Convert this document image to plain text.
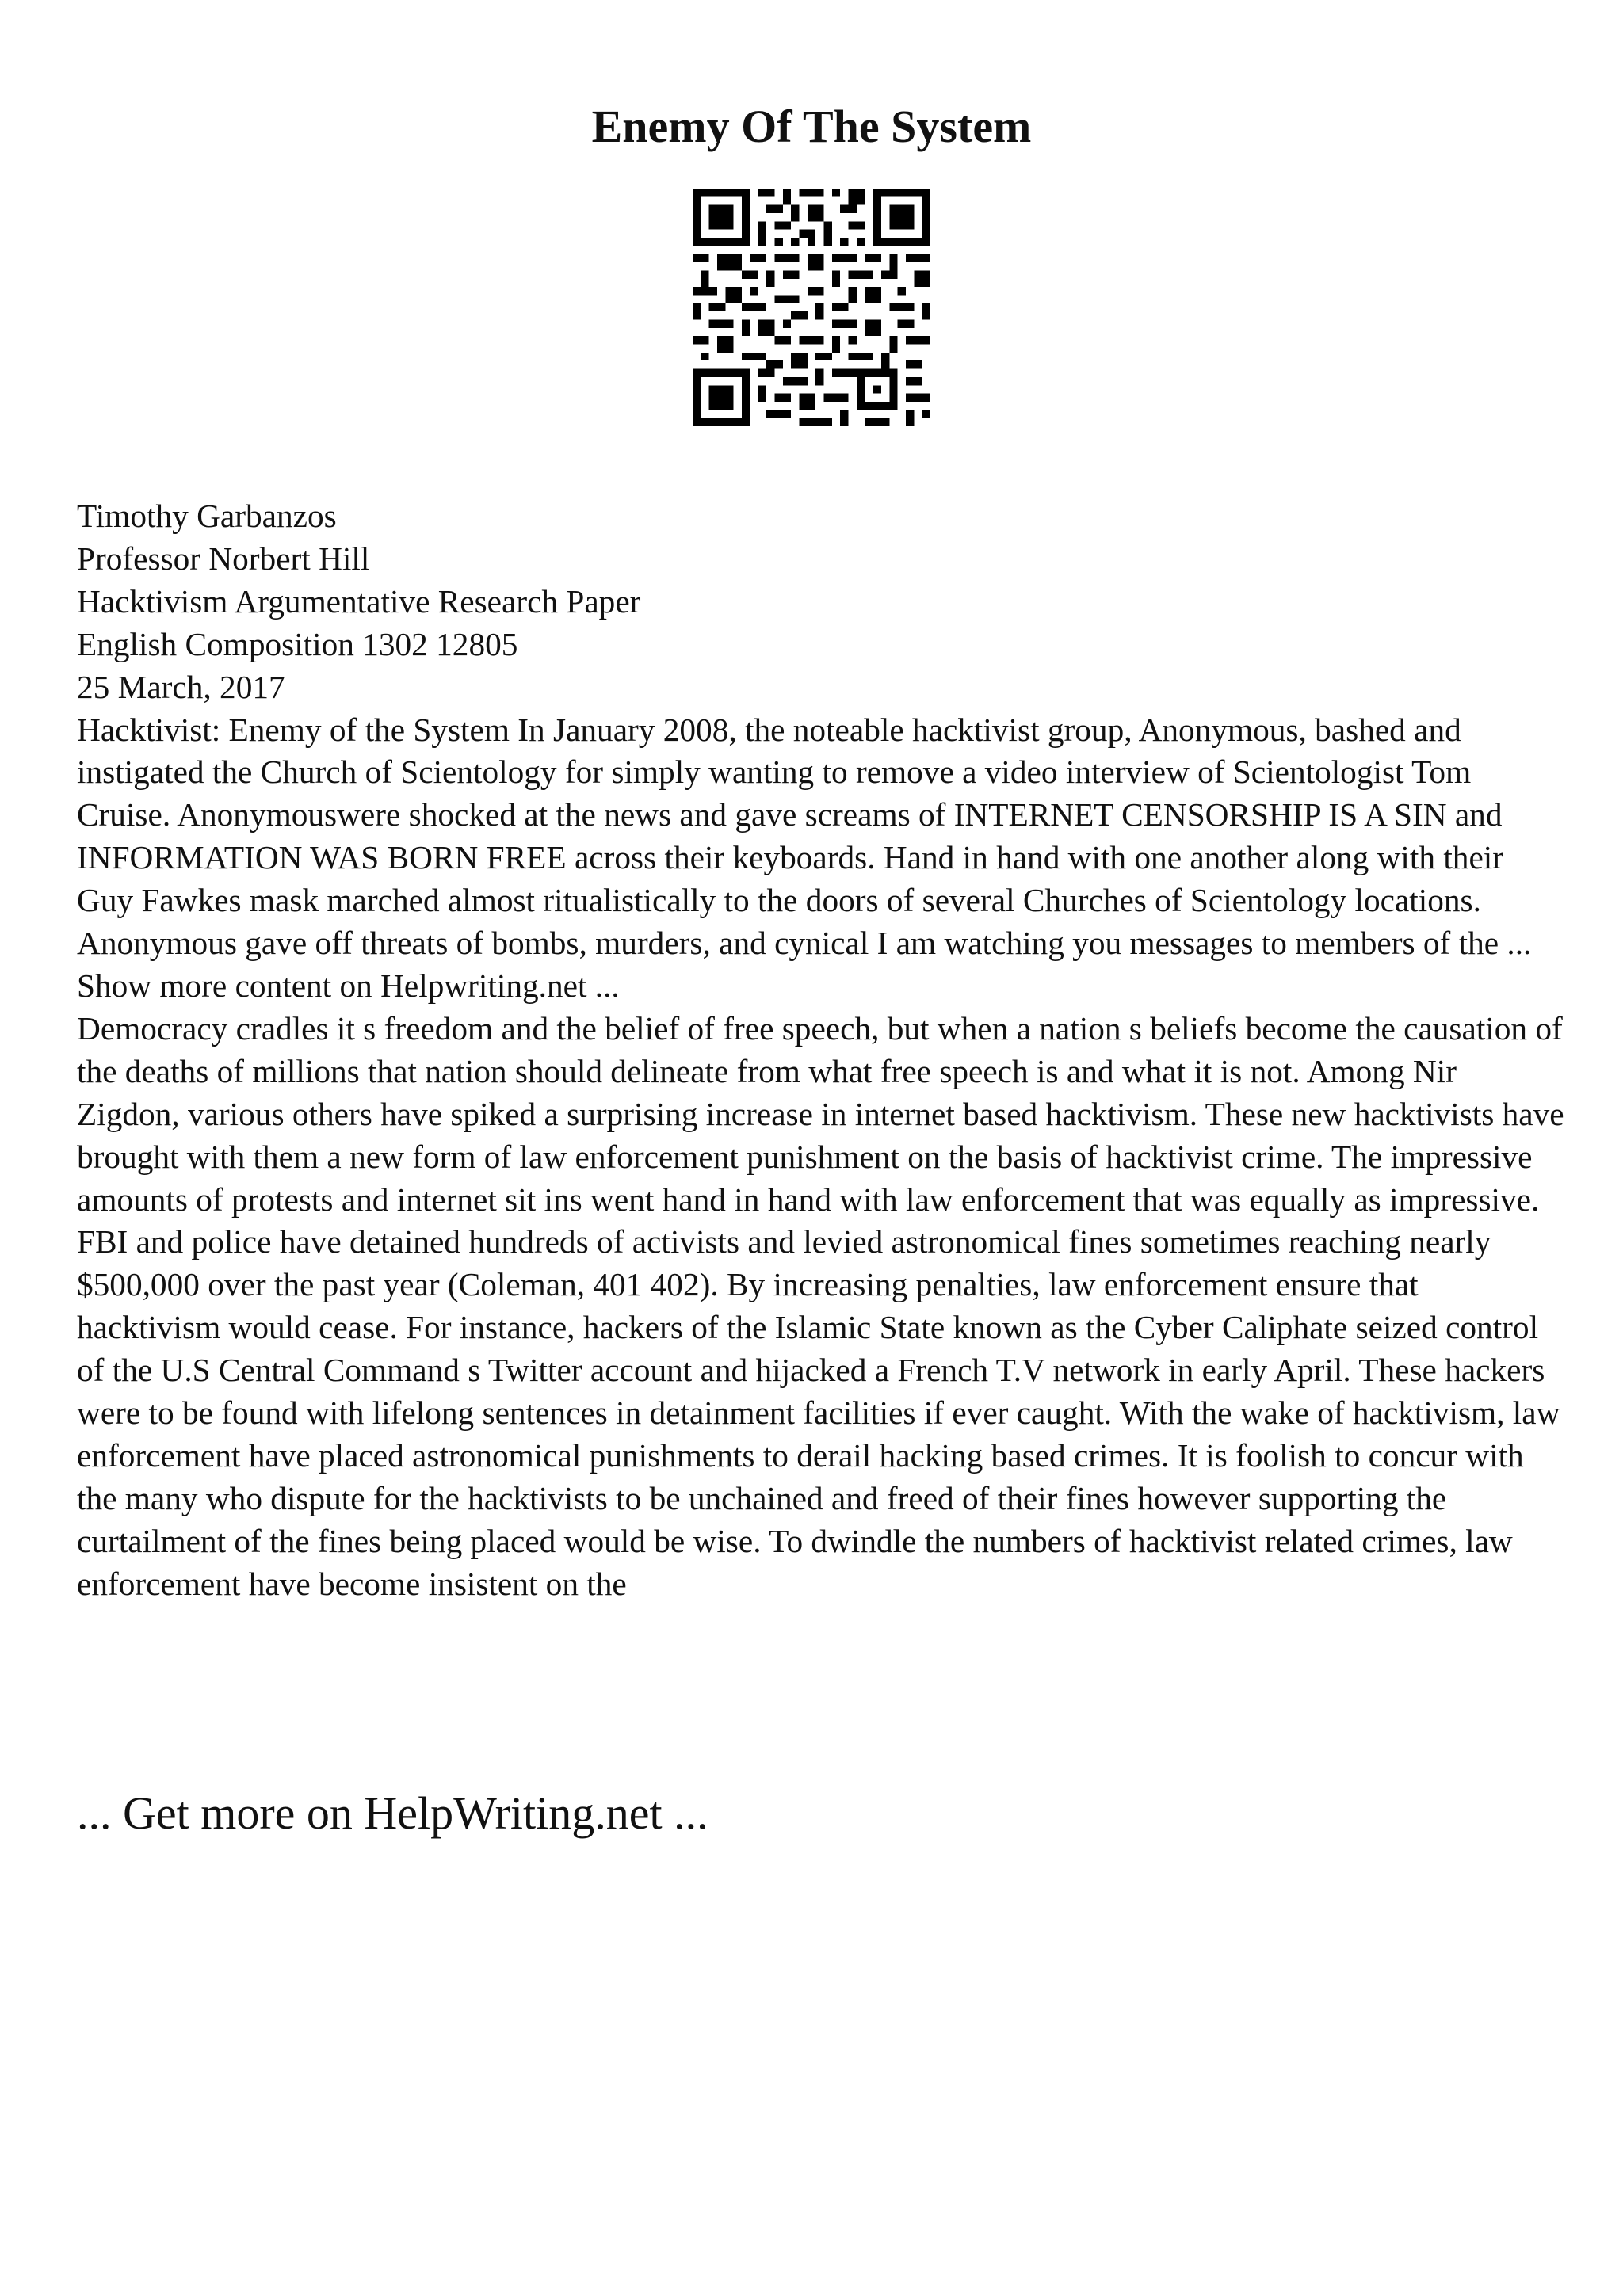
Enemy Of The System

Timothy Garbanzos

Professor Norbert Hill

Hacktivism Argumentative Research Paper

English Composition 1302 12805

25 March, 2017

Hacktivist: Enemy of the System In January 2008, the noteable hacktivist group, Anonymous, bashed and instigated the Church of Scientology for simply wanting to remove a video interview of Scientologist Tom Cruise. Anonymouswere shocked at the news and gave screams of INTERNET CENSORSHIP IS A SIN and INFORMATION WAS BORN FREE across their keyboards. Hand in hand with one another along with their Guy Fawkes mask marched almost ritualistically to the doors of several Churches of Scientology locations. Anonymous gave off threats of bombs, murders, and cynical I am watching you messages to members of the ... Show more content on Helpwriting.net ...

Democracy cradles it s freedom and the belief of free speech, but when a nation s beliefs become the causation of the deaths of millions that nation should delineate from what free speech is and what it is not. Among Nir Zigdon, various others have spiked a surprising increase in internet based hacktivism. These new hacktivists have brought with them a new form of law enforcement punishment on the basis of hacktivist crime. The impressive amounts of protests and internet sit ins went hand in hand with law enforcement that was equally as impressive. FBI and police have detained hundreds of activists and levied astronomical fines sometimes reaching nearly $500,000 over the past year (Coleman, 401 402). By increasing penalties, law enforcement ensure that hacktivism would cease. For instance, hackers of the Islamic State known as the Cyber Caliphate seized control of the U.S Central Command s Twitter account and hijacked a French T.V network in early April. These hackers were to be found with lifelong sentences in detainment facilities if ever caught. With the wake of hacktivism, law enforcement have placed astronomical punishments to derail hacking based crimes. It is foolish to concur with the many who dispute for the hacktivists to be unchained and freed of their fines however supporting the curtailment of the fines being placed would be wise. To dwindle the numbers of hacktivist related crimes, law enforcement have become insistent on the

... Get more on HelpWriting.net ...
